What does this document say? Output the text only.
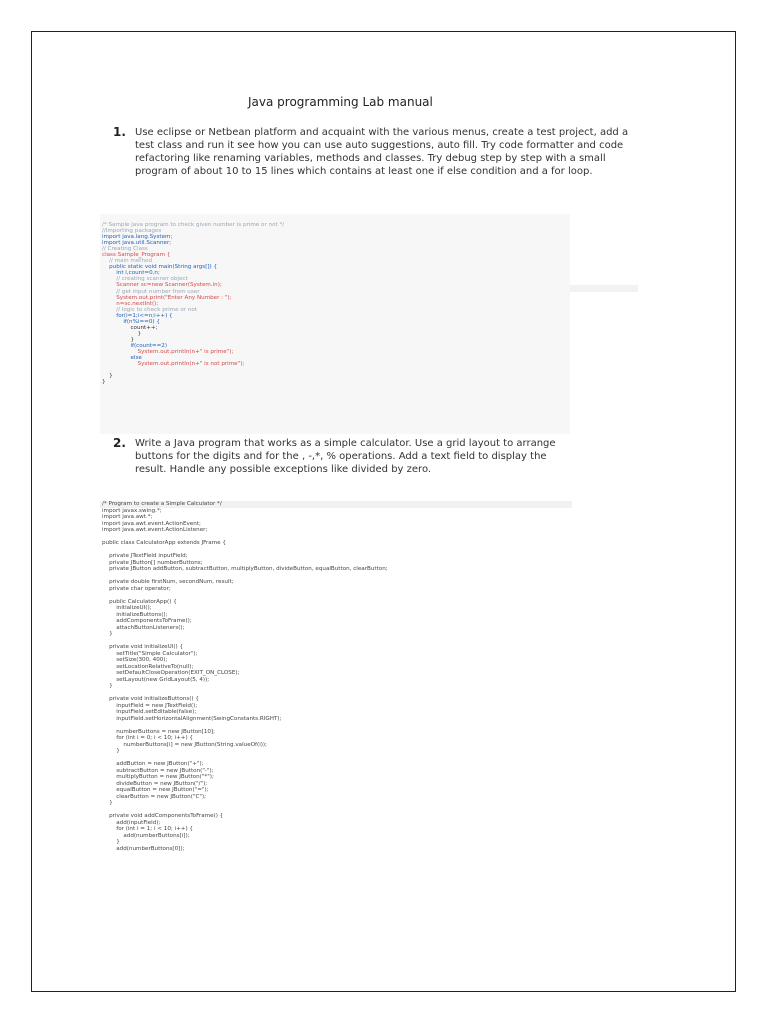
Java programming Lab manual
1. Use eclipse or Netbean platform and acquaint with the various menus, create a test project, add a
test class and run it see how you can use auto suggestions, auto fill. Try code formatter and code
refactoring like renaming variables, methods and classes. Try debug step by step with a small
program of about 10 to 15 lines which contains at least one if else condition and a for loop.
/* Sample java program to check given number is prime or not */
//Importing packages
import java.lang.System;
import java.util.Scanner;
// Creating Class
class Sample_Program {
// main method
public static void main(String args[]) {
int i,count=0,n;
// creating scanner object
Scanner sc=new Scanner(System.in);
// get input number from user
System.out.print("Enter Any Number : ");
n=sc.nextInt();
// logic to check prime or not
for(i=1;i<=n;i++) {
if(n%i==0) {
count++;
}
}
if(count==2)
System.out.println(n+" is prime");
else
System.out.println(n+" is not prime");

}
}
2. Write a Java program that works as a simple calculator. Use a grid layout to arrange
buttons for the digits and for the , -,*, % operations. Add a text field to display the
result. Handle any possible exceptions like divided by zero.
/* Program to create a Simple Calculator */
import javax.swing.*;
import java.awt.*;
import java.awt.event.ActionEvent;
import java.awt.event.ActionListener;

public class CalculatorApp extends JFrame {

private JTextField inputField;
private JButton[] numberButtons;
private JButton addButton, subtractButton, multiplyButton, divideButton, equalButton, clearButton;

private double firstNum, secondNum, result;
private char operator;

public CalculatorApp() {
initializeUI();
initializeButtons();
addComponentsToFrame();
attachButtonListeners();
}

private void initializeUI() {
setTitle("Simple Calculator");
setSize(300, 400);
setLocationRelativeTo(null);
setDefaultCloseOperation(EXIT_ON_CLOSE);
setLayout(new GridLayout(5, 4));
}

private void initializeButtons() {
inputField = new JTextField();
inputField.setEditable(false);
inputField.setHorizontalAlignment(SwingConstants.RIGHT);

numberButtons = new JButton[10];
for (int i = 0; i < 10; i++) {
numberButtons[i] = new JButton(String.valueOf(i));
}

addButton = new JButton("+");
subtractButton = new JButton("-");
multiplyButton = new JButton("*");
divideButton = new JButton("/");
equalButton = new JButton("=");
clearButton = new JButton("C");
}

private void addComponentsToFrame() {
add(inputField);
for (int i = 1; i < 10; i++) {
add(numberButtons[i]);
}
add(numberButtons[0]);
